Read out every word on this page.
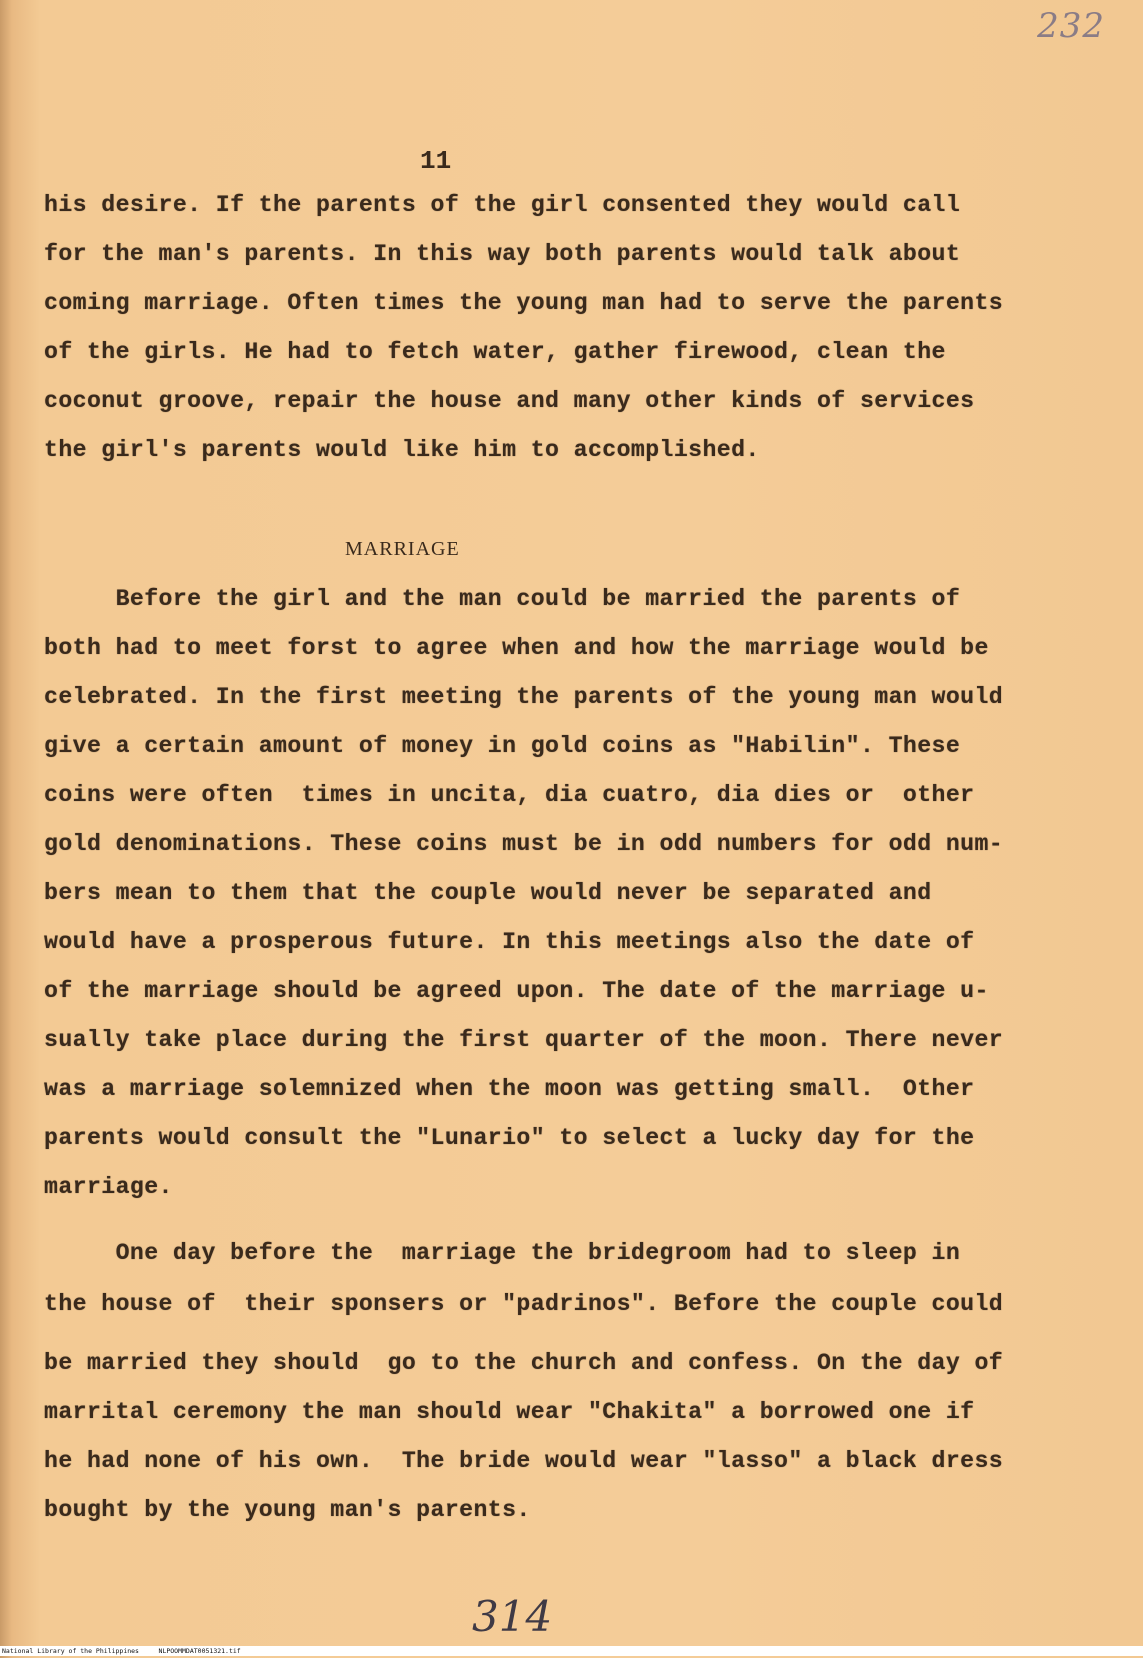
232
11
his desire. If the parents of the girl consented they would call
for the man's parents. In this way both parents would talk about
coming marriage. Often times the young man had to serve the parents
of the girls. He had to fetch water, gather firewood, clean the
coconut groove, repair the house and many other kinds of services
the girl's parents would like him to accomplished.
MARRIAGE
Before the girl and the man could be married the parents of
both had to meet forst to agree when and how the marriage would be
celebrated. In the first meeting the parents of the young man would
give a certain amount of money in gold coins as "Habilin". These
coins were often  times in uncita, dia cuatro, dia dies or  other
gold denominations. These coins must be in odd numbers for odd num-
bers mean to them that the couple would never be separated and
would have a prosperous future. In this meetings also the date of
of the marriage should be agreed upon. The date of the marriage u-
sually take place during the first quarter of the moon. There never
was a marriage solemnized when the moon was getting small.  Other
parents would consult the "Lunario" to select a lucky day for the
marriage.
One day before the  marriage the bridegroom had to sleep in
the house of  their sponsers or "padrinos". Before the couple could
be married they should  go to the church and confess. On the day of
marrital ceremony the man should wear "Chakita" a borrowed one if
he had none of his own.  The bride would wear "lasso" a black dress
bought by the young man's parents.
314
National Library of the Philippines     NLPOOMMDAT0051321.tif
